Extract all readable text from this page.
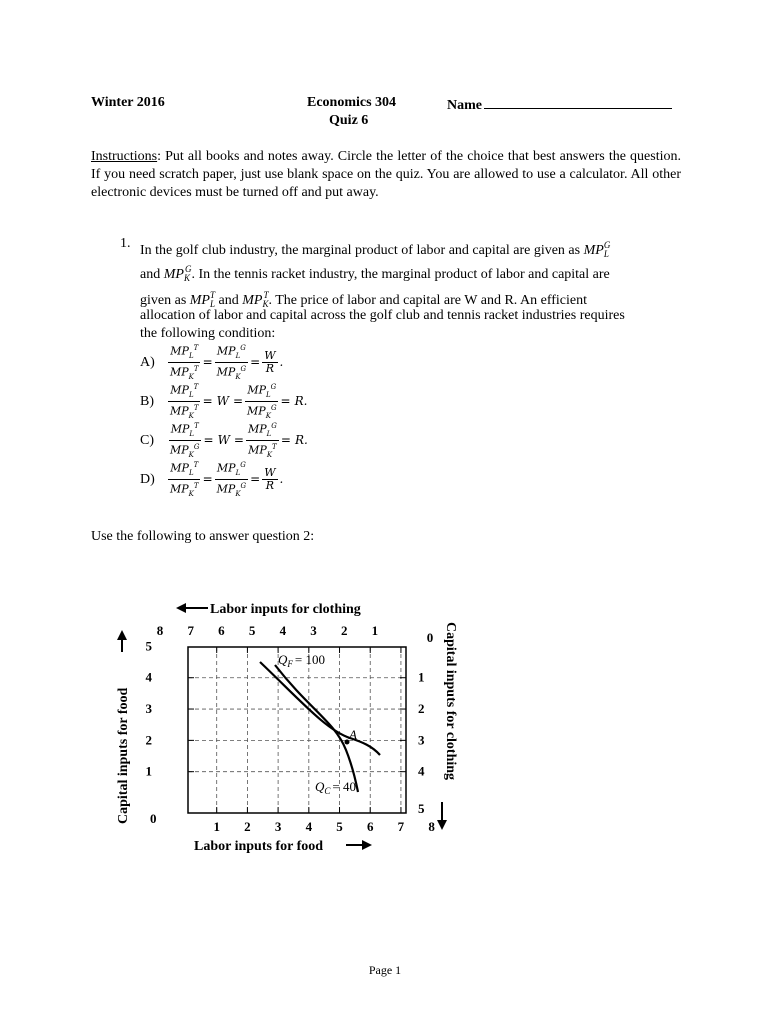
Winter 2016	Economics 304
Quiz 6
Name
Instructions: Put all books and notes away. Circle the letter of the choice that best answers the question. If you need scratch paper, just use blank space on the quiz. You are allowed to use a calculator. All other electronic devices must be turned off and put away.
1. In the golf club industry, the marginal product of labor and capital are given as $MP_L^G$
and $MP_K^G$. In the tennis racket industry, the marginal product of labor and capital are
given as $MP_L^T$ and $MP_K^T$. The price of labor and capital are W and R. An efficient
allocation of labor and capital across the golf club and tennis racket industries requires
the following condition:
$A) \frac{MP_L^T}{MP_K^T} = \frac{MP_L^G}{MP_K^G} = \frac{W}{R}$ .
$B) \frac{MP_L^T}{MP_K^T} = W = \frac{MP_L^G}{MP_K^G} = R$.
$C) \frac{MP_L^T}{MP_K^G} = W = \frac{MP_L^G}{MP_K^T} = R$.
$D) \frac{MP_L^T}{MP_K^T} = \frac{MP_L^G}{MP_K^G} = \frac{W}{R}$ .
Use the following to answer question 2:
Labor inputs for clothing
8 7 6 5 4 3 2 1	0
1 2 3 4 5 6 7 8
5
4
3
2
1
1
2
3
4
5
0
Labor inputs for food
Capital inputs for food	Capital inputs for clothing
$Q_F = 100$
$Q_C = 40$
A
Page 1
